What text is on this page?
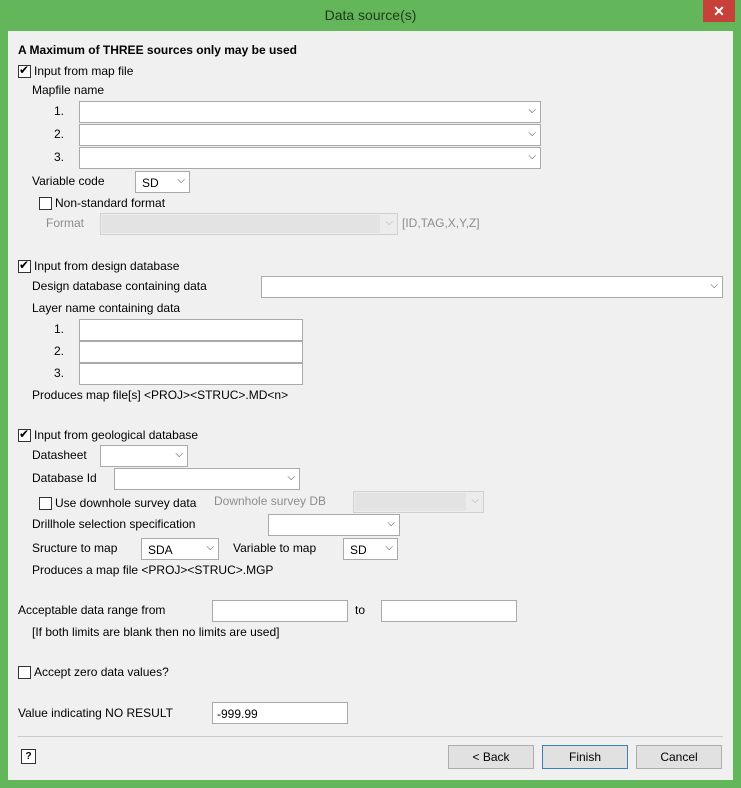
Data source(s)	✕
A Maximum of THREE sources only may be used
✔
Input from map file
Mapfile name
1.	⌵
2.	⌵
3.	⌵
Variable code	SD ⌵
Non-standard format
Format	⌵ [ID,TAG,X,Y,Z]
✔
Input from design database
Design database containing data	⌵
Layer name containing data
1.
2.
3.
Produces map file[s] <PROJ><STRUC>.MD<n>
✔
Input from geological database
Datasheet	⌵
Database Id	⌵
Use downhole survey data Downhole survey DB	⌵
Drillhole selection specification	⌵
Sructure to map	SDA	⌵ Variable to map	SD ⌵
Produces a map file <PROJ><STRUC>.MGP
Acceptable data range from	to
[If both limits are blank then no limits are used]
Accept zero data values?
Value indicating NO RESULT	-999.99
?	< Back	Finish	Cancel
